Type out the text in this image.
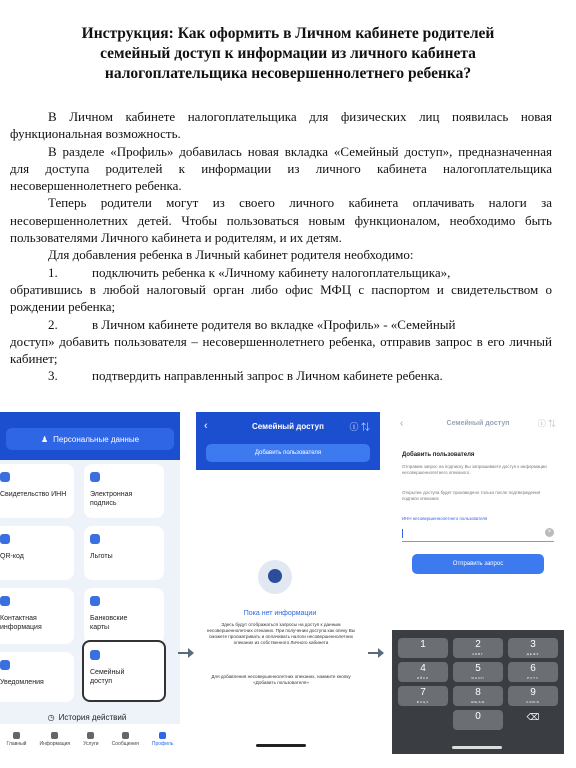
Инструкция: Как оформить в Личном кабинете родителей
семейный доступ к информации из личного кабинета
налогоплательщика несовершеннолетнего ребенка?
В Личном кабинете налогоплательщика для физических лиц появилась новая функциональная возможность.
В разделе «Профиль» добавилась новая вкладка «Семейный доступ», предназначенная для доступа родителей к информации из личного кабинета налогоплательщика несовершеннолетнего ребенка.
Теперь родители могут из своего личного кабинета оплачивать налоги за несовершеннолетних детей. Чтобы пользоваться новым функционалом, необходимо быть пользователями Личного кабинета и родителям, и их детям.
Для добавления ребенка в Личный кабинет родителя необходимо:
1.	подключить ребенка к «Личному кабинету налогоплательщика»,
обратившись в любой налоговый орган либо офис МФЦ с паспортом и свидетельством о рождении ребенка;
2.	в Личном кабинете родителя во вкладке «Профиль» - «Семейный
доступ» добавить пользователя – несовершеннолетнего ребенка, отправив запрос в его личный кабинет;
3.	подтвердить направленный запрос в Личном кабинете ребенка.
♟ Персональные данные
Свидетельство ИНН	Электронная подпись
QR-код	Льготы
Контактная информация
Банковские карты
Уведомления
Семейный доступ
◷ История действий
Главный	Информация	Услуги	Сообщения	Профиль
‹	Семейный доступ	ⓘ ⇅
Добавить пользователя
Пока нет информации
Здесь будут отображаться запросы на доступ к данным несовершеннолетних отеканих. При получении доступа как опеку Вы сможете просматривать и оплачивать налоги несовершеннолетних опеканих из собственного Личного кабинета
Для добавления несовершеннолетних опеканих, нажмите кнопку «Добавить пользователя»
‹	Семейный доступ	ⓘ ⇅
Добавить пользователя
Отправим запрос на подписку Вы запрашиваете доступ к информации несовершеннолетнего опеканого.
Открытие доступа будет произведено только после подтверждения подписи опеканих
ИНН несовершеннолетнего пользователя
×
Отправить запрос
1	2
АБВГ
3
ДЕЖЗ
4
ИЙКЛ
5
МНОП
6
РСТУ
7
ФХЦЧ
8
ШЩЪЫ
9
ЬЭЮЯ
0	⌫
